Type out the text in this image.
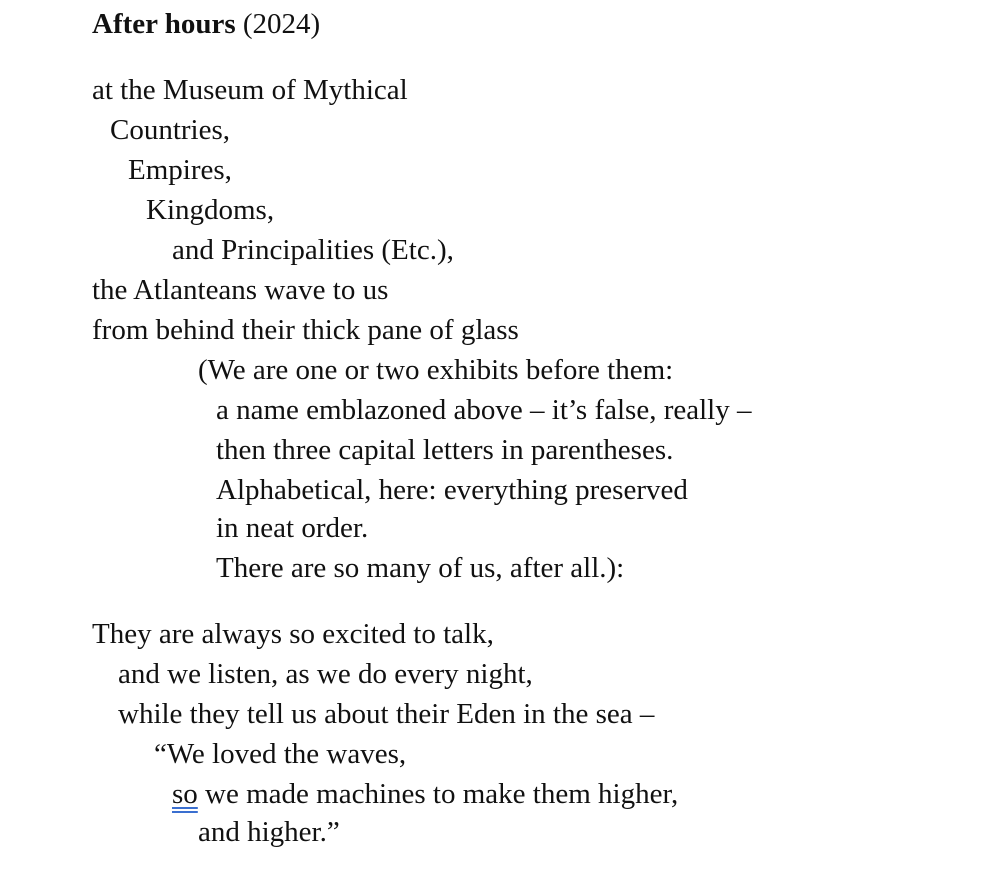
After hours (2024)
at the Museum of Mythical
Countries,
Empires,
Kingdoms,
and Principalities (Etc.),
the Atlanteans wave to us
from behind their thick pane of glass
(We are one or two exhibits before them:
a name emblazoned above – it’s false, really –
then three capital letters in parentheses.
Alphabetical, here: everything preserved
in neat order.
There are so many of us, after all.):
They are always so excited to talk,
and we listen, as we do every night,
while they tell us about their Eden in the sea –
“We loved the waves,
so we made machines to make them higher,
and higher.”
